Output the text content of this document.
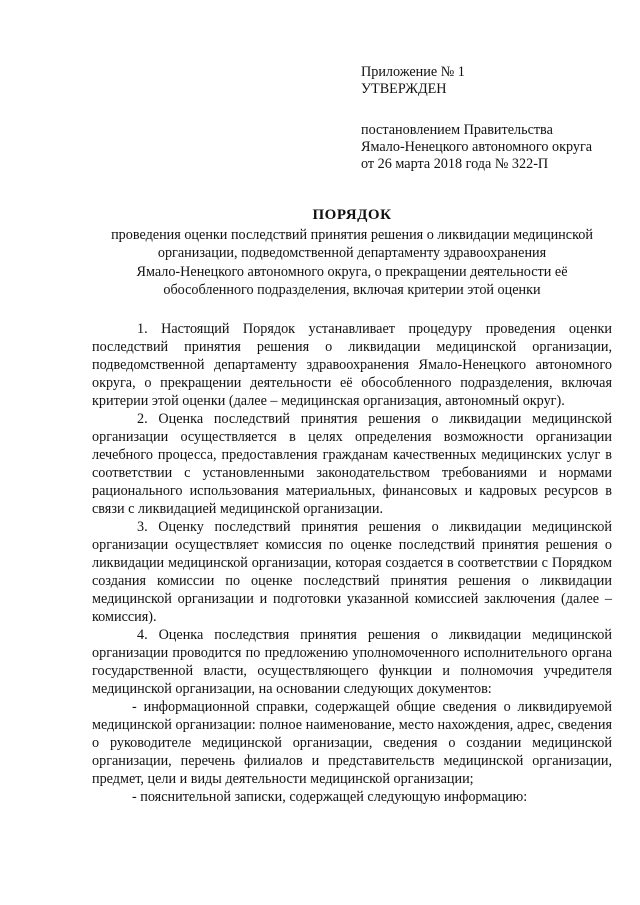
Приложение № 1
УТВЕРЖДЕН
постановлением Правительства
Ямало-Ненецкого автономного округа
от 26 марта 2018 года № 322-П
ПОРЯДОК
проведения оценки последствий принятия решения о ликвидации медицинской
организации, подведомственной департаменту здравоохранения
Ямало-Ненецкого автономного округа, о прекращении деятельности её
обособленного подразделения, включая критерии этой оценки

1. Настоящий Порядок устанавливает процедуру проведения оценки последствий принятия решения о ликвидации медицинской организации, подведомственной департаменту здравоохранения Ямало-Ненецкого автономного округа, о прекращении деятельности её обособленного подразделения, включая критерии этой оценки (далее – медицинская организация, автономный округ).

2. Оценка последствий принятия решения о ликвидации медицинской организации осуществляется в целях определения возможности организации лечебного процесса, предоставления гражданам качественных медицинских услуг в соответствии с установленными законодательством требованиями и нормами рационального использования материальных, финансовых и кадровых ресурсов в связи с ликвидацией медицинской организации.

3. Оценку последствий принятия решения о ликвидации медицинской организации осуществляет комиссия по оценке последствий принятия решения о ликвидации медицинской организации, которая создается в соответствии с Порядком создания комиссии по оценке последствий принятия решения о ликвидации медицинской организации и подготовки указанной комиссией заключения (далее – комиссия).

4. Оценка последствия принятия решения о ликвидации медицинской организации проводится по предложению уполномоченного исполнительного органа государственной власти, осуществляющего функции и полномочия учредителя медицинской организации, на основании следующих документов:

- информационной справки, содержащей общие сведения о ликвидируемой медицинской организации: полное наименование, место нахождения, адрес, сведения о руководителе медицинской организации, сведения о создании медицинской организации, перечень филиалов и представительств медицинской организации, предмет, цели и виды деятельности медицинской организации;

- пояснительной записки, содержащей следующую информацию:
